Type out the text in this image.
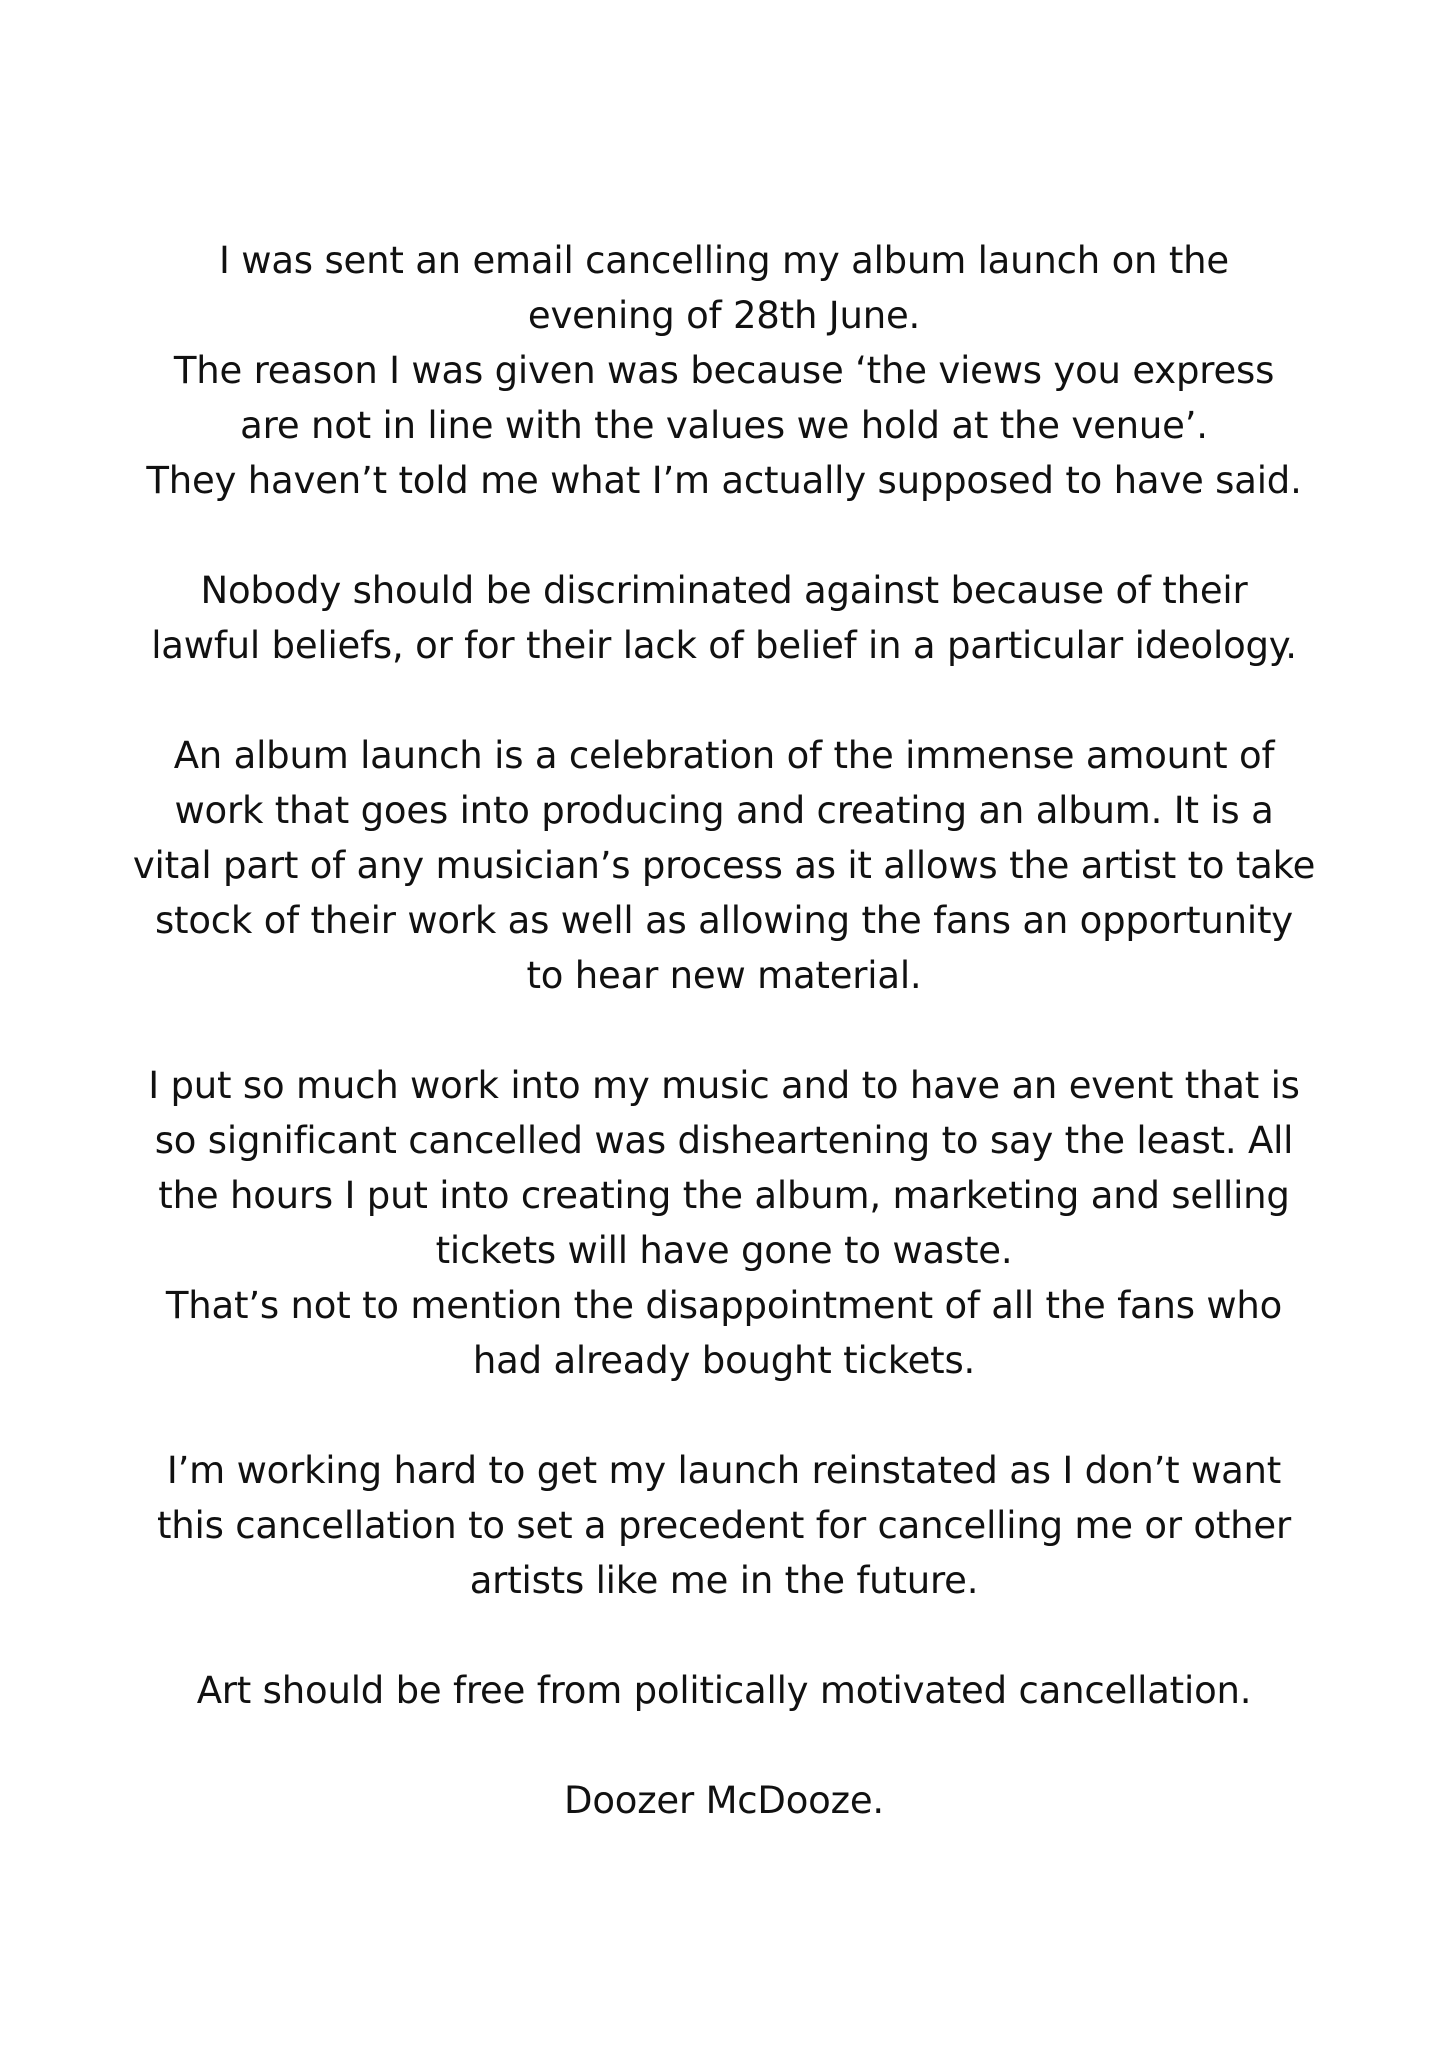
I was sent an email cancelling my album launch on the
evening of 28th June.
The reason I was given was because ‘the views you express
are not in line with the values we hold at the venue’.
They haven’t told me what I’m actually supposed to have said.

Nobody should be discriminated against because of their
lawful beliefs, or for their lack of belief in a particular ideology.

An album launch is a celebration of the immense amount of
work that goes into producing and creating an album. It is a
vital part of any musician’s process as it allows the artist to take
stock of their work as well as allowing the fans an opportunity
to hear new material.

I put so much work into my music and to have an event that is
so significant cancelled was disheartening to say the least. All
the hours I put into creating the album, marketing and selling
tickets will have gone to waste.
That’s not to mention the disappointment of all the fans who
had already bought tickets.

I’m working hard to get my launch reinstated as I don’t want
this cancellation to set a precedent for cancelling me or other
artists like me in the future.

Art should be free from politically motivated cancellation.

Doozer McDooze.
